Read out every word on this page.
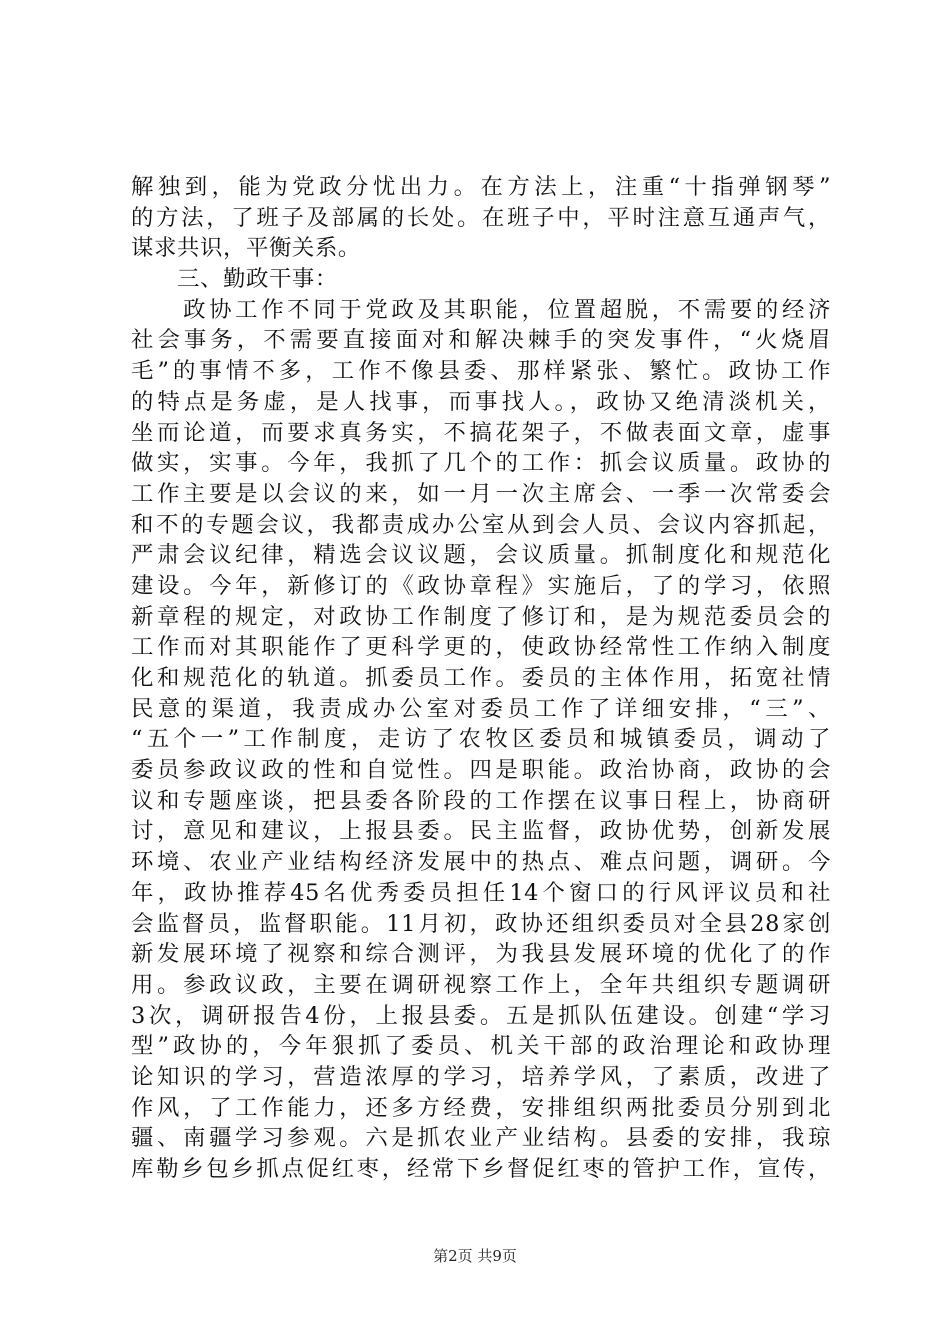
解独到，能为党政分忧出力。在方法上，注重“十指弹钢琴”
的方法，了班子及部属的长处。在班子中，平时注意互通声气，
谋求共识，平衡关系。
　　三、勤政干事：
　　政协工作不同于党政及其职能，位置超脱，不需要的经济
社会事务，不需要直接面对和解决棘手的突发事件，“火烧眉
毛”的事情不多，工作不像县委、那样紧张、繁忙。政协工作
的特点是务虚，是人找事，而事找人。，政协又绝清淡机关，
坐而论道，而要求真务实，不搞花架子，不做表面文章，虚事
做实，实事。今年，我抓了几个的工作：抓会议质量。政协的
工作主要是以会议的来，如一月一次主席会、一季一次常委会
和不的专题会议，我都责成办公室从到会人员、会议内容抓起，
严肃会议纪律，精选会议议题，会议质量。抓制度化和规范化
建设。今年，新修订的《政协章程》实施后，了的学习，依照
新章程的规定，对政协工作制度了修订和，是为规范委员会的
工作而对其职能作了更科学更的，使政协经常性工作纳入制度
化和规范化的轨道。抓委员工作。委员的主体作用，拓宽社情
民意的渠道，我责成办公室对委员工作了详细安排，“三”、
“五个一”工作制度，走访了农牧区委员和城镇委员，调动了
委员参政议政的性和自觉性。四是职能。政治协商，政协的会
议和专题座谈，把县委各阶段的工作摆在议事日程上，协商研
讨，意见和建议，上报县委。民主监督，政协优势，创新发展
环境、农业产业结构经济发展中的热点、难点问题，调研。今
年，政协推荐45名优秀委员担任14个窗口的行风评议员和社
会监督员，监督职能。11月初，政协还组织委员对全县28家创
新发展环境了视察和综合测评，为我县发展环境的优化了的作
用。参政议政，主要在调研视察工作上，全年共组织专题调研
3次，调研报告4份，上报县委。五是抓队伍建设。创建“学习
型”政协的，今年狠抓了委员、机关干部的政治理论和政协理
论知识的学习，营造浓厚的学习，培养学风，了素质，改进了
作风，了工作能力，还多方经费，安排组织两批委员分别到北
疆、南疆学习参观。六是抓农业产业结构。县委的安排，我琼
库勒乡包乡抓点促红枣，经常下乡督促红枣的管护工作，宣传，
第2页 共9页
